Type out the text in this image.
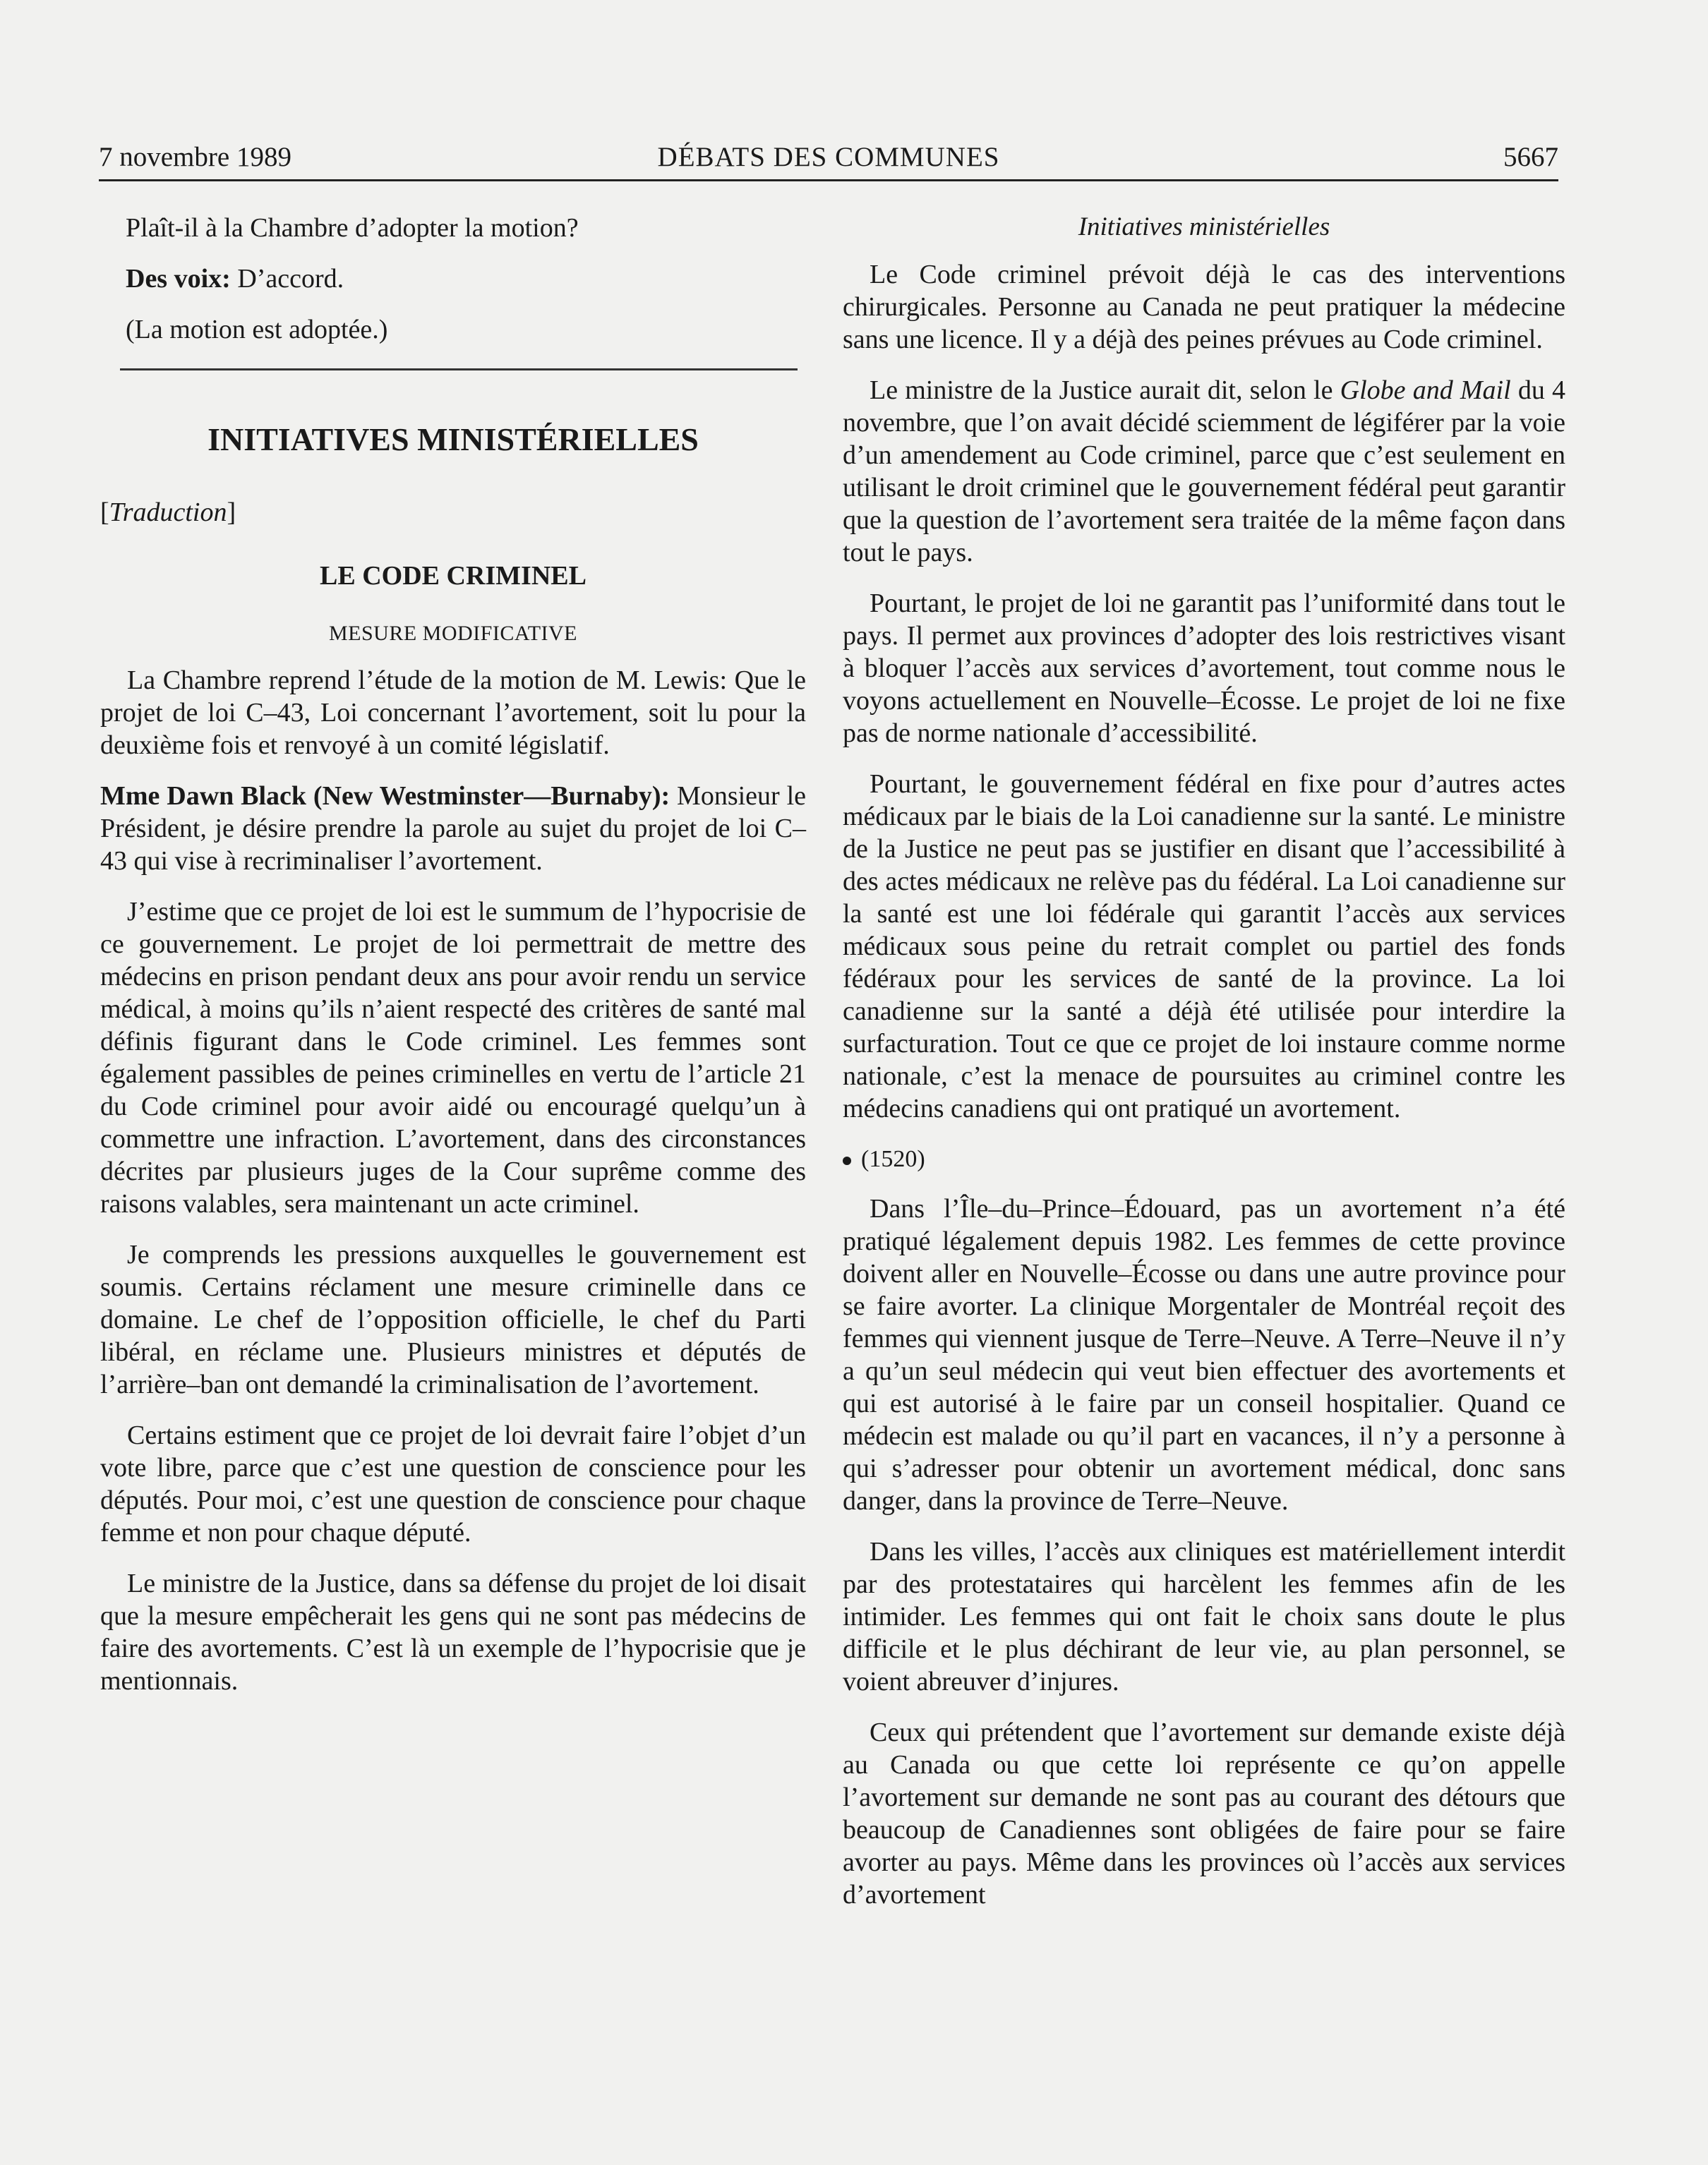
7 novembre 1989	DÉBATS DES COMMUNES	5667

Plaît-il à la Chambre d’adopter la motion?

Des voix: D’accord.

(La motion est adoptée.)

INITIATIVES MINISTÉRIELLES
[Traduction]
LE CODE CRIMINEL
MESURE MODIFICATIVE

La Chambre reprend l’étude de la motion de M. Lewis: Que le projet de loi C–43, Loi concernant l’avortement, soit lu pour la deuxième fois et renvoyé à un comité législatif.

Mme Dawn Black (New Westminster—Burnaby): Monsieur le Président, je désire prendre la parole au sujet du projet de loi C–43 qui vise à recriminaliser l’avortement.

J’estime que ce projet de loi est le summum de l’hypocrisie de ce gouvernement. Le projet de loi permettrait de mettre des médecins en prison pendant deux ans pour avoir rendu un service médical, à moins qu’ils n’aient respecté des critères de santé mal définis figurant dans le Code criminel. Les femmes sont également passibles de peines criminelles en vertu de l’article 21 du Code criminel pour avoir aidé ou encouragé quelqu’un à commettre une infraction. L’avortement, dans des circonstances décrites par plusieurs juges de la Cour suprême comme des raisons valables, sera maintenant un acte criminel.

Je comprends les pressions auxquelles le gouvernement est soumis. Certains réclament une mesure criminelle dans ce domaine. Le chef de l’opposition officielle, le chef du Parti libéral, en réclame une. Plusieurs ministres et députés de l’arrière–ban ont demandé la criminalisation de l’avortement.

Certains estiment que ce projet de loi devrait faire l’objet d’un vote libre, parce que c’est une question de conscience pour les députés. Pour moi, c’est une question de conscience pour chaque femme et non pour chaque député.

Le ministre de la Justice, dans sa défense du projet de loi disait que la mesure empêcherait les gens qui ne sont pas médecins de faire des avortements. C’est là un exemple de l’hypocrisie que je mentionnais.

Initiatives ministérielles

Le Code criminel prévoit déjà le cas des interventions chirurgicales. Personne au Canada ne peut pratiquer la médecine sans une licence. Il y a déjà des peines prévues au Code criminel.

Le ministre de la Justice aurait dit, selon le Globe and Mail du 4 novembre, que l’on avait décidé sciemment de légiférer par la voie d’un amendement au Code criminel, parce que c’est seulement en utilisant le droit criminel que le gouvernement fédéral peut garantir que la question de l’avortement sera traitée de la même façon dans tout le pays.

Pourtant, le projet de loi ne garantit pas l’uniformité dans tout le pays. Il permet aux provinces d’adopter des lois restrictives visant à bloquer l’accès aux services d’avortement, tout comme nous le voyons actuellement en Nouvelle–Écosse. Le projet de loi ne fixe pas de norme nationale d’accessibilité.

Pourtant, le gouvernement fédéral en fixe pour d’autres actes médicaux par le biais de la Loi canadienne sur la santé. Le ministre de la Justice ne peut pas se justifier en disant que l’accessibilité à des actes médicaux ne relève pas du fédéral. La Loi canadienne sur la santé est une loi fédérale qui garantit l’accès aux services médicaux sous peine du retrait complet ou partiel des fonds fédéraux pour les services de santé de la province. La loi canadienne sur la santé a déjà été utilisée pour interdire la surfacturation. Tout ce que ce projet de loi instaure comme norme nationale, c’est la menace de poursuites au criminel contre les médecins canadiens qui ont pratiqué un avortement.

(1520)

Dans l’Île–du–Prince–Édouard, pas un avortement n’a été pratiqué légalement depuis 1982. Les femmes de cette province doivent aller en Nouvelle–Écosse ou dans une autre province pour se faire avorter. La clinique Morgentaler de Montréal reçoit des femmes qui viennent jusque de Terre–Neuve. A Terre–Neuve il n’y a qu’un seul médecin qui veut bien effectuer des avortements et qui est autorisé à le faire par un conseil hospitalier. Quand ce médecin est malade ou qu’il part en vacances, il n’y a personne à qui s’adresser pour obtenir un avortement médical, donc sans danger, dans la province de Terre–Neuve.

Dans les villes, l’accès aux cliniques est matériellement interdit par des protestataires qui harcèlent les femmes afin de les intimider. Les femmes qui ont fait le choix sans doute le plus difficile et le plus déchirant de leur vie, au plan personnel, se voient abreuver d’injures.

Ceux qui prétendent que l’avortement sur demande existe déjà au Canada ou que cette loi représente ce qu’on appelle l’avortement sur demande ne sont pas au courant des détours que beaucoup de Canadiennes sont obligées de faire pour se faire avorter au pays. Même dans les provinces où l’accès aux services d’avortement
